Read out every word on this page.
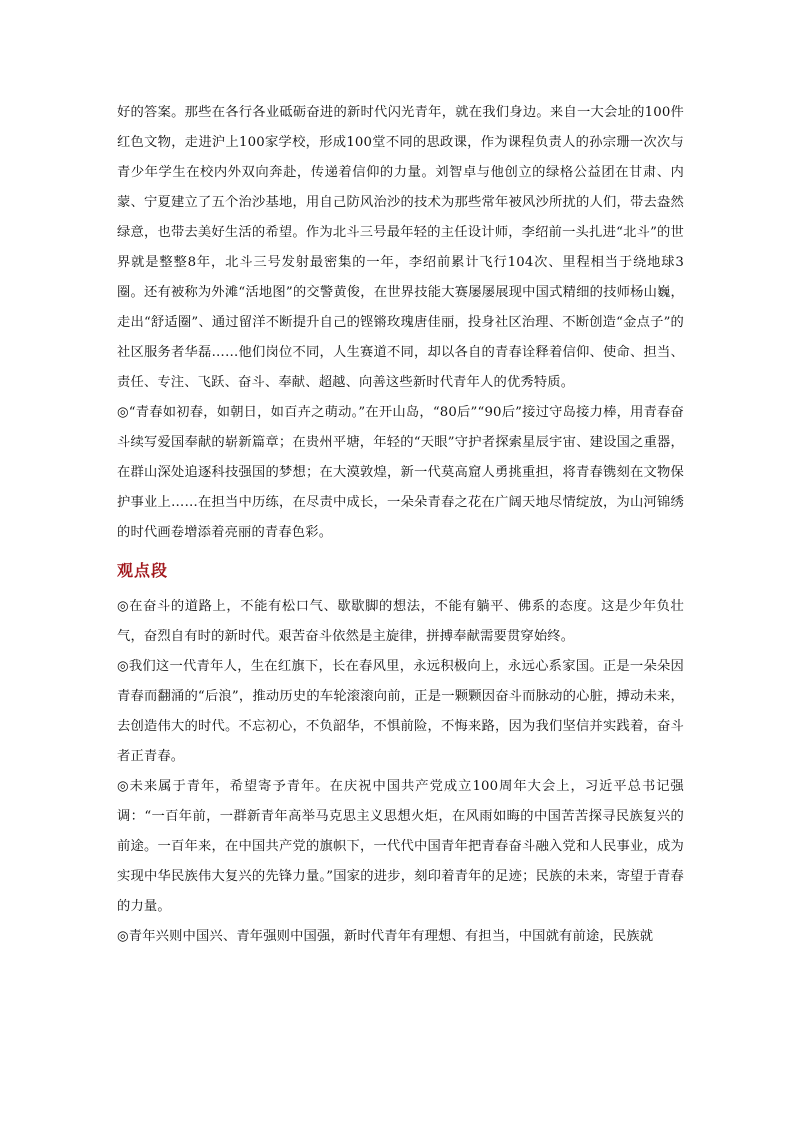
好的答案。那些在各行各业砥砺奋进的新时代闪光青年，就在我们身边。来自一大会址的100件红色文物，走进沪上100家学校，形成100堂不同的思政课，作为课程负责人的孙宗珊一次次与青少年学生在校内外双向奔赴，传递着信仰的力量。刘智卓与他创立的绿格公益团在甘肃、内蒙、宁夏建立了五个治沙基地，用自己防风治沙的技术为那些常年被风沙所扰的人们，带去盎然绿意，也带去美好生活的希望。作为北斗三号最年轻的主任设计师，李绍前一头扎进“北斗”的世界就是整整8年，北斗三号发射最密集的一年，李绍前累计飞行104次、里程相当于绕地球3圈。还有被称为外滩“活地图”的交警黄俊，在世界技能大赛屡屡展现中国式精细的技师杨山巍，走出“舒适圈”、通过留洋不断提升自己的铿锵玫瑰唐佳丽，投身社区治理、不断创造“金点子”的社区服务者华磊……他们岗位不同，人生赛道不同，却以各自的青春诠释着信仰、使命、担当、责任、专注、飞跃、奋斗、奉献、超越、向善这些新时代青年人的优秀特质。

◎“青春如初春，如朝日，如百卉之萌动。”在开山岛，“80后”“90后”接过守岛接力棒，用青春奋斗续写爱国奉献的崭新篇章；在贵州平塘，年轻的“天眼”守护者探索星辰宇宙、建设国之重器，在群山深处追逐科技强国的梦想；在大漠敦煌，新一代莫高窟人勇挑重担，将青春镌刻在文物保护事业上……在担当中历练，在尽责中成长，一朵朵青春之花在广阔天地尽情绽放，为山河锦绣的时代画卷增添着亮丽的青春色彩。

观点段

◎在奋斗的道路上，不能有松口气、歇歇脚的想法，不能有躺平、佛系的态度。这是少年负壮气，奋烈自有时的新时代。艰苦奋斗依然是主旋律，拼搏奉献需要贯穿始终。

◎我们这一代青年人，生在红旗下，长在春风里，永远积极向上，永远心系家国。正是一朵朵因青春而翻涌的“后浪”，推动历史的车轮滚滚向前，正是一颗颗因奋斗而脉动的心脏，搏动未来，去创造伟大的时代。不忘初心，不负韶华，不惧前险，不悔来路，因为我们坚信并实践着，奋斗者正青春。

◎未来属于青年，希望寄予青年。在庆祝中国共产党成立100周年大会上，习近平总书记强调：“一百年前，一群新青年高举马克思主义思想火炬，在风雨如晦的中国苦苦探寻民族复兴的前途。一百年来，在中国共产党的旗帜下，一代代中国青年把青春奋斗融入党和人民事业，成为实现中华民族伟大复兴的先锋力量。”国家的进步，刻印着青年的足迹；民族的未来，寄望于青春的力量。

◎青年兴则中国兴、青年强则中国强，新时代青年有理想、有担当，中国就有前途，民族就
